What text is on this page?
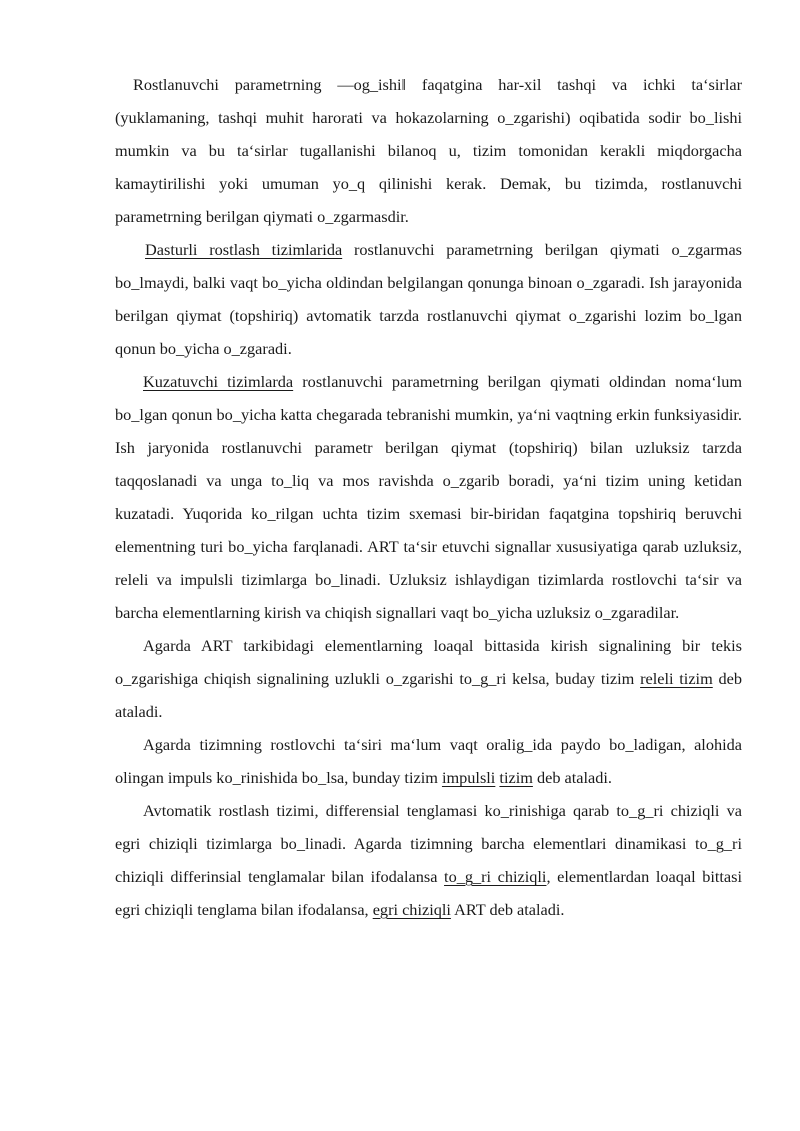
Rostlanuvchi parametrning ―og_ishi‖ faqatgina har-xil tashqi va ichki ta‘sirlar (yuklamaning, tashqi muhit harorati va hokazolarning o_zgarishi) oqibatida sodir bo_lishi mumkin va bu ta‘sirlar tugallanishi bilanoq u, tizim tomonidan kerakli miqdorgacha kamaytirilishi yoki umuman yo_q qilinishi kerak. Demak, bu tizimda, rostlanuvchi parametrning berilgan qiymati o_zgarmasdir.

Dasturli rostlash tizimlarida rostlanuvchi parametrning berilgan qiymati o_zgarmas bo_lmaydi, balki vaqt bo_yicha oldindan belgilangan qonunga binoan o_zgaradi. Ish jarayonida berilgan qiymat (topshiriq) avtomatik tarzda rostlanuvchi qiymat o_zgarishi lozim bo_lgan qonun bo_yicha o_zgaradi.

Kuzatuvchi tizimlarda rostlanuvchi parametrning berilgan qiymati oldindan noma‘lum bo_lgan qonun bo_yicha katta chegarada tebranishi mumkin, ya‘ni vaqtning erkin funksiyasidir. Ish jaryonida rostlanuvchi parametr berilgan qiymat (topshiriq) bilan uzluksiz tarzda taqqoslanadi va unga to_liq va mos ravishda o_zgarib boradi, ya‘ni tizim uning ketidan kuzatadi. Yuqorida ko_rilgan uchta tizim sxemasi bir-biridan faqatgina topshiriq beruvchi elementning turi bo_yicha farqlanadi. ART ta‘sir etuvchi signallar xususiyatiga qarab uzluksiz, releli va impulsli tizimlarga bo_linadi. Uzluksiz ishlaydigan tizimlarda rostlovchi ta‘sir va barcha elementlarning kirish va chiqish signallari vaqt bo_yicha uzluksiz o_zgaradilar.

Agarda ART tarkibidagi elementlarning loaqal bittasida kirish signalining bir tekis o_zgarishiga chiqish signalining uzlukli o_zgarishi to_g_ri kelsa, buday tizim releli tizim deb ataladi.

Agarda tizimning rostlovchi ta‘siri ma‘lum vaqt oralig_ida paydo bo_ladigan, alohida olingan impuls ko_rinishida bo_lsa, bunday tizim impulsli tizim deb ataladi.

Avtomatik rostlash tizimi, differensial tenglamasi ko_rinishiga qarab to_g_ri chiziqli va egri chiziqli tizimlarga bo_linadi. Agarda tizimning barcha elementlari dinamikasi to_g_ri chiziqli differinsial tenglamalar bilan ifodalansa to_g_ri chiziqli, elementlardan loaqal bittasi egri chiziqli tenglama bilan ifodalansa, egri chiziqli ART deb ataladi.
